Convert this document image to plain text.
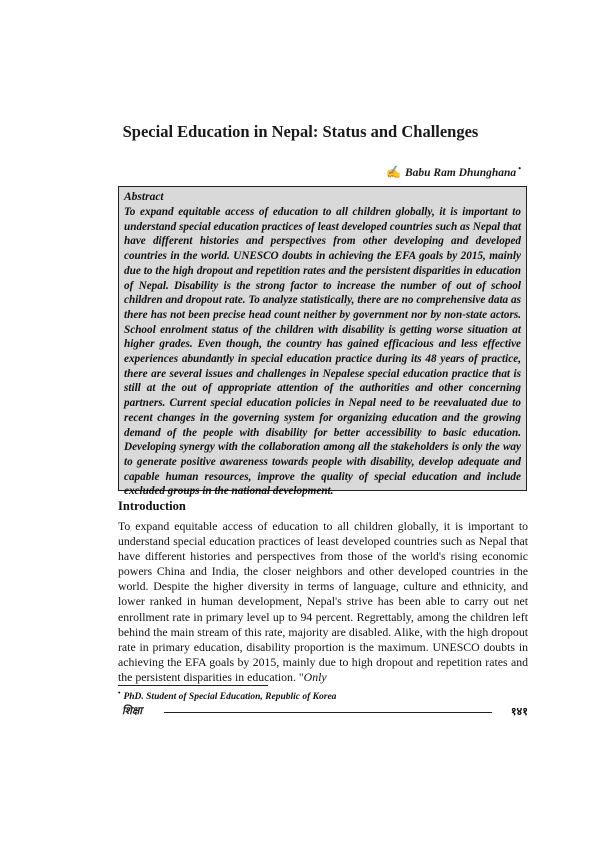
Special Education in Nepal: Status and Challenges
✍ Babu Ram Dhunghana •
Abstract

To expand equitable access of education to all children globally, it is important to understand special education practices of least developed countries such as Nepal that have different histories and perspectives from other developing and developed countries in the world. UNESCO doubts in achieving the EFA goals by 2015, mainly due to the high dropout and repetition rates and the persistent disparities in education of Nepal. Disability is the strong factor to increase the number of out of school children and dropout rate. To analyze statistically, there are no comprehensive data as there has not been precise head count neither by government nor by non-state actors. School enrolment status of the children with disability is getting worse situation at higher grades. Even though, the country has gained efficacious and less effective experiences abundantly in special education practice during its 48 years of practice, there are several issues and challenges in Nepalese special education practice that is still at the out of appropriate attention of the authorities and other concerning partners. Current special education policies in Nepal need to be reevaluated due to recent changes in the governing system for organizing education and the growing demand of the people with disability for better accessibility to basic education. Developing synergy with the collaboration among all the stakeholders is only the way to generate positive awareness towards people with disability, develop adequate and capable human resources, improve the quality of special education and include excluded groups in the national development.

Introduction

To expand equitable access of education to all children globally, it is important to understand special education practices of least developed countries such as Nepal that have different histories and perspectives from those of the world's rising economic powers China and India, the closer neighbors and other developed countries in the world. Despite the higher diversity in terms of language, culture and ethnicity, and lower ranked in human development, Nepal's strive has been able to carry out net enrollment rate in primary level up to 94 percent. Regrettably, among the children left behind the main stream of this rate, majority are disabled. Alike, with the high dropout rate in primary education, disability proportion is the maximum. UNESCO doubts in achieving the EFA goals by 2015, mainly due to high dropout and repetition rates and the persistent disparities in education. "Only

• PhD. Student of Special Education, Republic of Korea
शिक्षा	१४१
